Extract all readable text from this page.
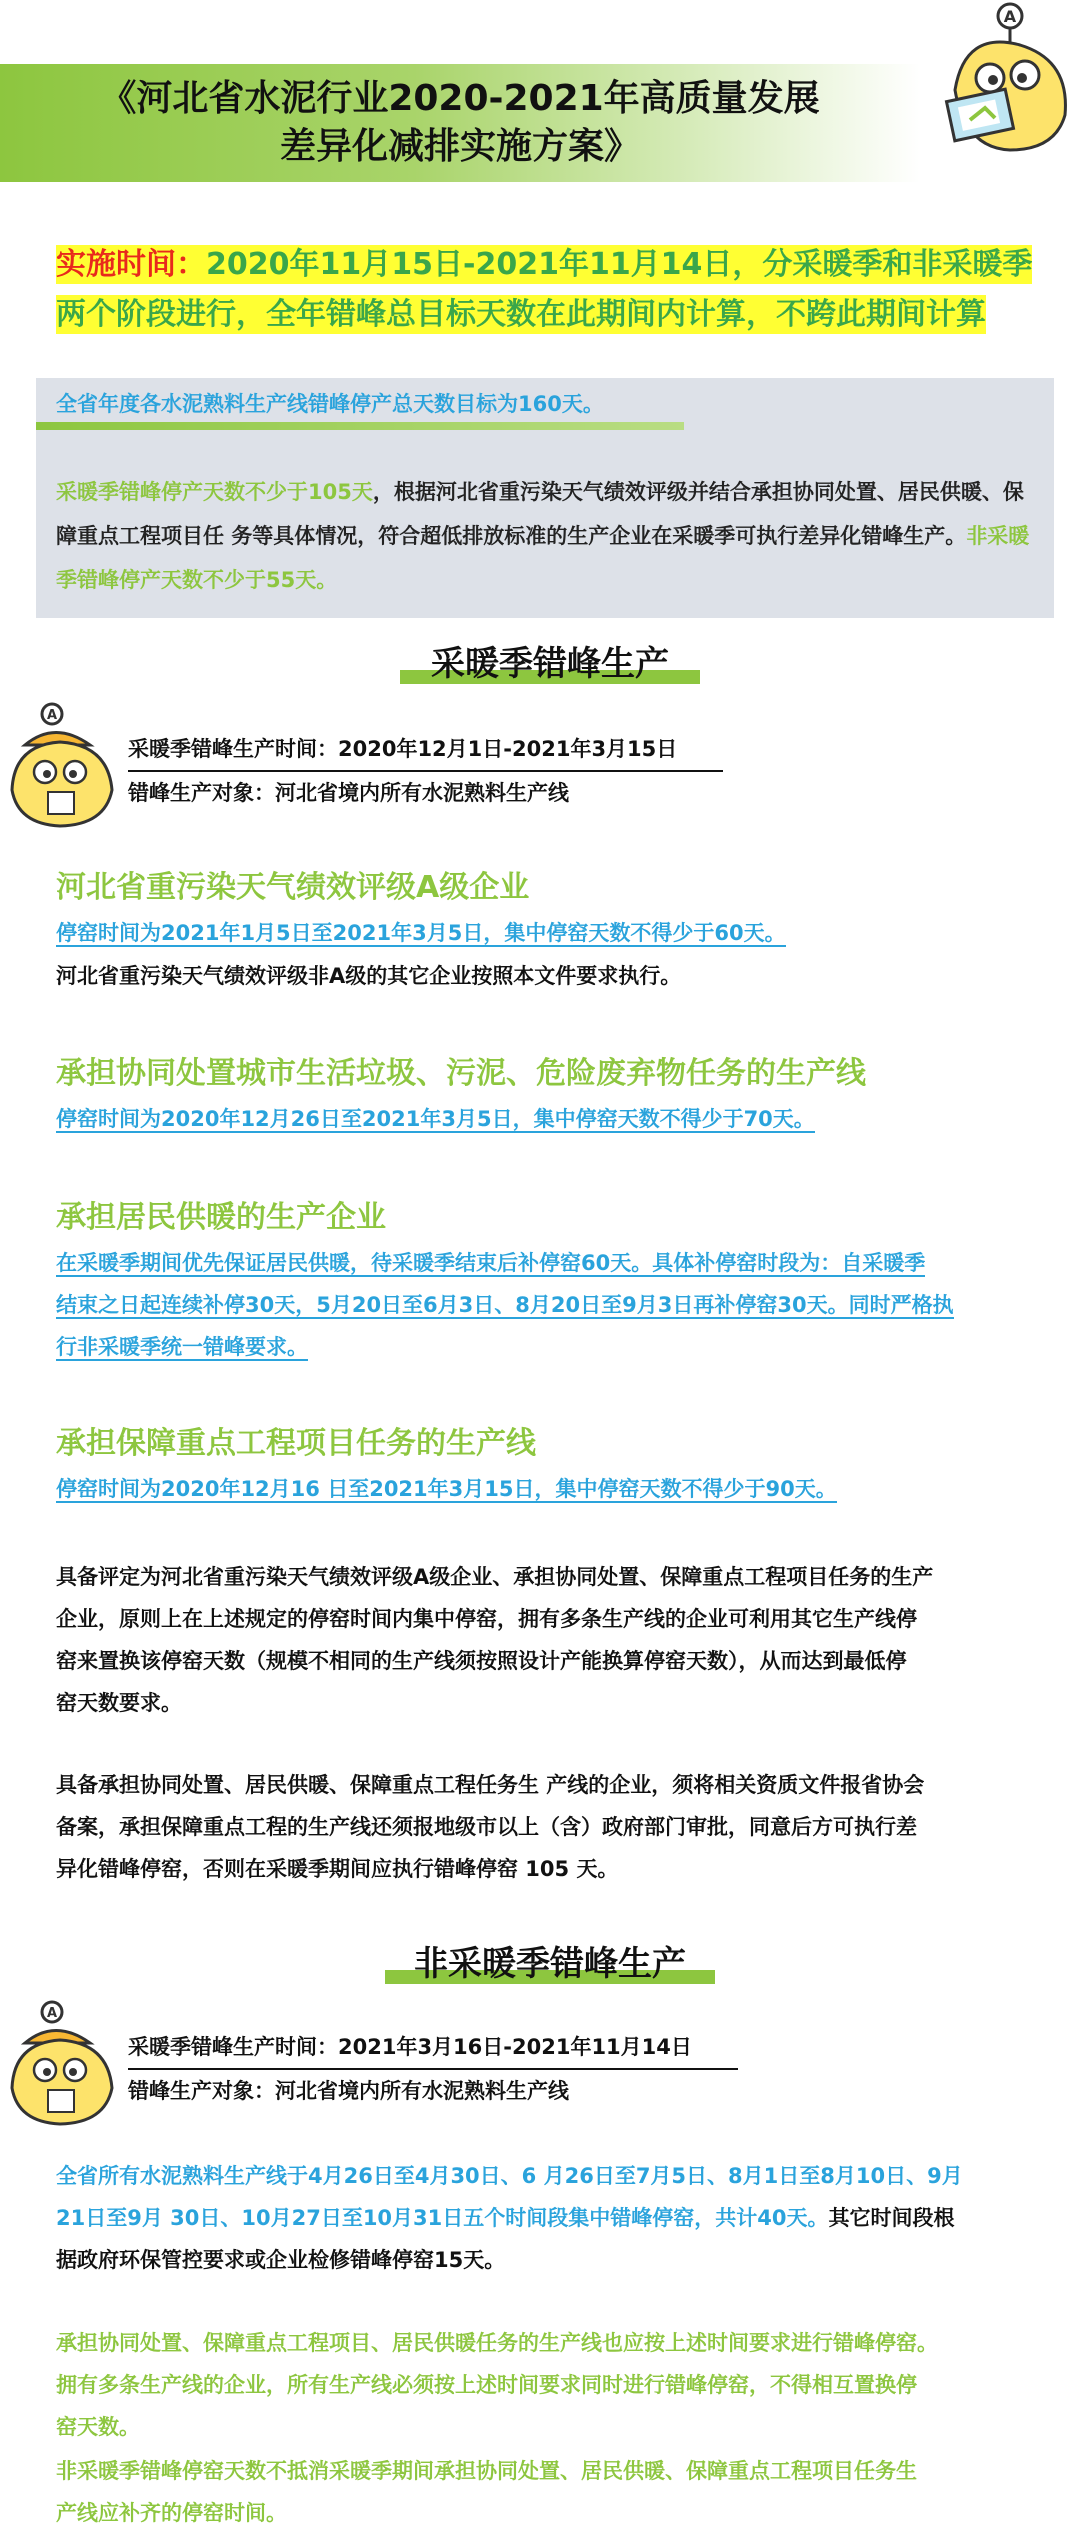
《河北省水泥行业2020-2021年高质量发展
差异化减排实施方案》
A
实施时间：2020年11月15日-2021年11月14日，分采暖季和非采暖季
两个阶段进行，全年错峰总目标天数在此期间内计算，不跨此期间计算
全省年度各水泥熟料生产线错峰停产总天数目标为160天。
采暖季错峰停产天数不少于105天，根据河北省重污染天气绩效评级并结合承担协同处置、居民供暖、保障重点工程项目任 务等具体情况，符合超低排放标准的生产企业在采暖季可执行差异化错峰生产。非采暖季错峰停产天数不少于55天。
采暖季错峰生产
A
采暖季错峰生产时间：2020年12月1日-2021年3月15日
错峰生产对象：河北省境内所有水泥熟料生产线
河北省重污染天气绩效评级A级企业
停窑时间为2021年1月5日至2021年3月5日，集中停窑天数不得少于60天。
河北省重污染天气绩效评级非A级的其它企业按照本文件要求执行。
承担协同处置城市生活垃圾、污泥、危险废弃物任务的生产线
停窑时间为2020年12月26日至2021年3月5日，集中停窑天数不得少于70天。
承担居民供暖的生产企业
在采暖季期间优先保证居民供暖，待采暖季结束后补停窑60天。具体补停窑时段为：自采暖季
结束之日起连续补停30天，5月20日至6月3日、8月20日至9月3日再补停窑30天。同时严格执
行非采暖季统一错峰要求。
承担保障重点工程项目任务的生产线
停窑时间为2020年12月16 日至2021年3月15日，集中停窑天数不得少于90天。
具备评定为河北省重污染天气绩效评级A级企业、承担协同处置、保障重点工程项目任务的生产
企业，原则上在上述规定的停窑时间内集中停窑，拥有多条生产线的企业可利用其它生产线停
窑来置换该停窑天数（规模不相同的生产线须按照设计产能换算停窑天数），从而达到最低停
窑天数要求。
具备承担协同处置、居民供暖、保障重点工程任务生 产线的企业，须将相关资质文件报省协会
备案，承担保障重点工程的生产线还须报地级市以上（含）政府部门审批，同意后方可执行差
异化错峰停窑，否则在采暖季期间应执行错峰停窑 105 天。
非采暖季错峰生产
A
采暖季错峰生产时间：2021年3月16日-2021年11月14日
错峰生产对象：河北省境内所有水泥熟料生产线
全省所有水泥熟料生产线于4月26日至4月30日、6 月26日至7月5日、8月1日至8月10日、9月
21日至9月 30日、10月27日至10月31日五个时间段集中错峰停窑，共计40天。其它时间段根
据政府环保管控要求或企业检修错峰停窑15天。
承担协同处置、保障重点工程项目、居民供暖任务的生产线也应按上述时间要求进行错峰停窑。
拥有多条生产线的企业，所有生产线必须按上述时间要求同时进行错峰停窑，不得相互置换停
窑天数。
非采暖季错峰停窑天数不抵消采暖季期间承担协同处置、居民供暖、保障重点工程项目任务生
产线应补齐的停窑时间。
